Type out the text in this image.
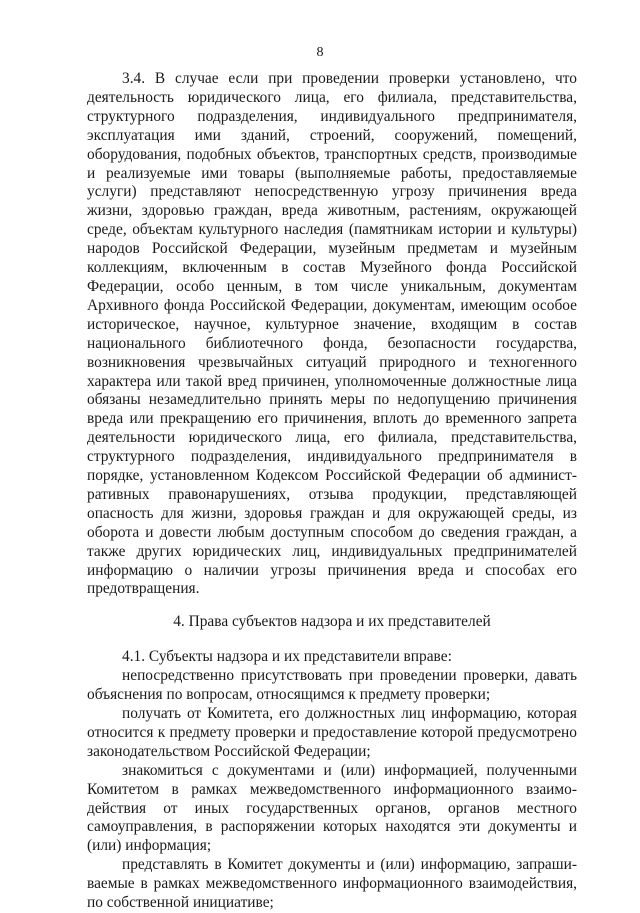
8

3.4. В случае если при проведении проверки установлено, что деятельность юридического лица, его филиала, представительства, структурного подразделения, индивидуального предпринимателя, эксплуатация ими зданий, строений, сооружений, помещений, оборудования, подобных объектов, транспортных средств, производимые и реализуемые ими товары (выполняемые работы, предоставляемые услуги) представляют непосредственную угрозу причинения вреда жизни, здоровью граждан, вреда животным, растениям, окружающей среде, объектам культурного наследия (памятникам истории и культуры) народов Российской Федерации, музейным предметам и музейным коллекциям, включенным в состав Музейного фонда Российской Федерации, особо ценным, в том числе уникальным, документам Архивного фонда Российской Федерации, документам, имеющим особое историческое, научное, культурное значение, входящим в состав национального библиотечного фонда, безопасности государства, возникновения чрезвычайных ситуаций природного и техногенного характера или такой вред причинен, уполномоченные должностные лица обязаны незамедлительно принять меры по недопущению причинения вреда или прекращению его причинения, вплоть до временного запрета деятельности юридического лица, его филиала, представительства, структурного подразделения, индивидуального предпринимателя в порядке, установленном Кодексом Российской Федерации об административных правонарушениях, отзыва продукции, представляющей опасность для жизни, здоровья граждан и для окружающей среды, из оборота и довести любым доступным способом до сведения граждан, а также других юридических лиц, индивидуальных предпринимателей информацию о наличии угрозы причинения вреда и способах его предотвращения.

4. Права субъектов надзора и их представителей

4.1. Субъекты надзора и их представители вправе:

непосредственно присутствовать при проведении проверки, давать объяснения по вопросам, относящимся к предмету проверки;

получать от Комитета, его должностных лиц информацию, которая относится к предмету проверки и предоставление которой предусмотрено законодательством Российской Федерации;

знакомиться с документами и (или) информацией, полученными Комитетом в рамках межведомственного информационного взаимодействия от иных государственных органов, органов местного самоуправления, в распоряжении которых находятся эти документы и (или) информация;

представлять в Комитет документы и (или) информацию, запрашиваемые в рамках межведомственного информационного взаимодействия, по собственной инициативе;
